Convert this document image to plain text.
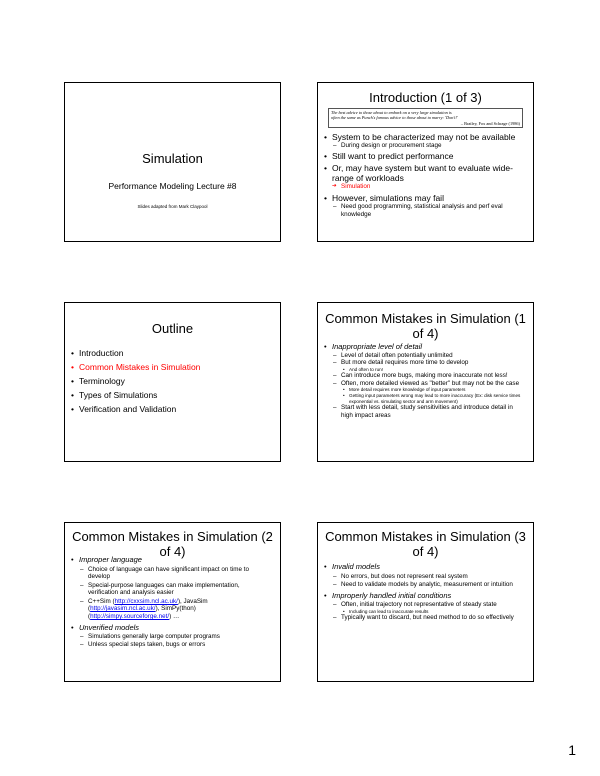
Simulation
Performance Modeling Lecture #8
Slides adapted from Mark Claypool
Introduction (1 of 3)
The best advice to those about to embark on a very large simulation is
often the same as Punch's famous advice to those about to marry: 'Don't!'
– Bratley, Fox and Schrage (1986)
• System to be characterized may not be available
– During design or procurement stage
• Still want to predict performance
• Or, may have system but want to evaluate wide-range of workloads
➔ Simulation
• However, simulations may fail
– Need good programming, statistical analysis and perf eval knowledge
Outline
• Introduction
• Common Mistakes in Simulation
• Terminology
• Types of Simulations
• Verification and Validation
Common Mistakes in Simulation (1 of 4)
• Inappropriate level of detail
– Level of detail often potentially unlimited
– But more detail requires more time to develop
• And often to run!
– Can introduce more bugs, making more inaccurate not less!
– Often, more detailed viewed as "better" but may not be the case
• More detail requires more knowledge of input parameters
• Getting input parameters wrong may lead to more inaccuracy (Ex: disk service times exponential vs. simulating sector and arm movement)
– Start with less detail, study sensitivities and introduce detail in high impact areas
Common Mistakes in Simulation (2 of 4)
• Improper language
– Choice of language can have significant impact on time to develop
– Special-purpose languages can make implementation, verification and analysis easier
– C++Sim (http://cxxsim.ncl.ac.uk/), JavaSim (http://javasim.ncl.ac.uk/), SimPy(thon) (http://simpy.sourceforge.net/) …
• Unverified models
– Simulations generally large computer programs
– Unless special steps taken, bugs or errors
Common Mistakes in Simulation (3 of 4)
• Invalid models
– No errors, but does not represent real system
– Need to validate models by analytic, measurement or intuition
• Improperly handled initial conditions
– Often, initial trajectory not representative of steady state
• Including can lead to inaccurate results
– Typically want to discard, but need method to do so effectively
1
